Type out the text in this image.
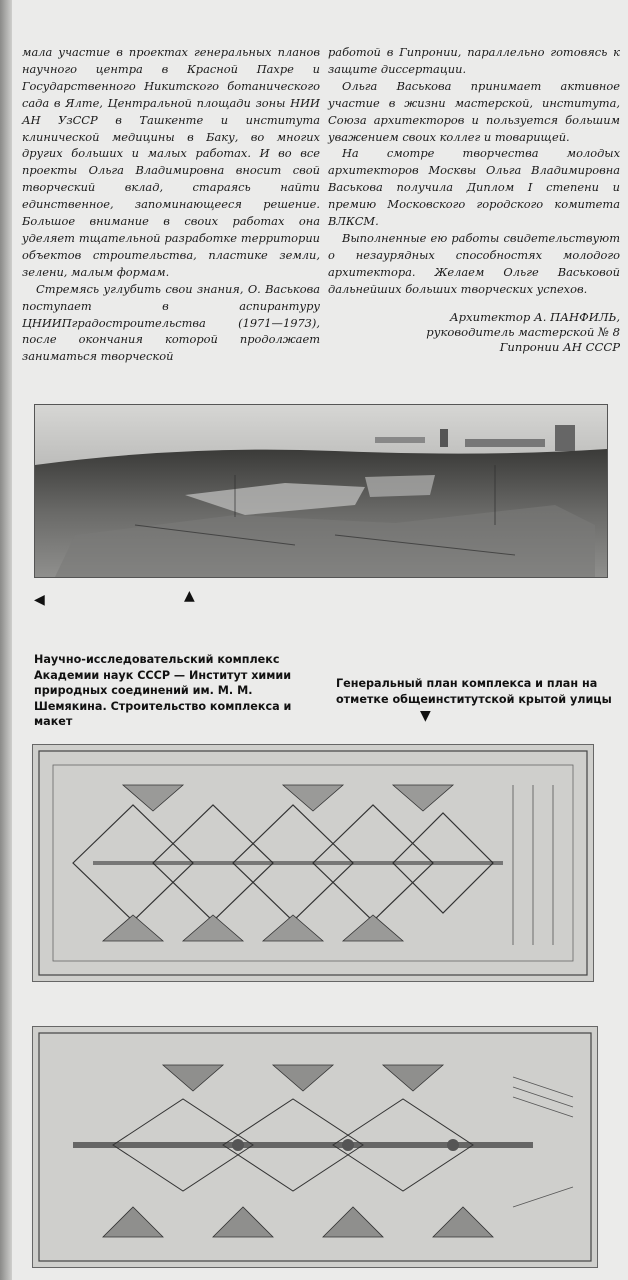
мала участие в проектах генеральных планов научного центра в Красной Пахре и Государственного Никитского ботанического сада в Ялте, Центральной площади зоны НИИ АН УзССР в Ташкенте и института клинической медицины в Баку, во многих других больших и малых работах. И во все проекты Ольга Владимировна вносит свой творческий вклад, стараясь найти единственное, запоминающееся решение. Большое внимание в своих работах она уделяет тщательной разработке территории объектов строительства, пластике земли, зелени, малым формам.

Стремясь углубить свои знания, О. Васькова поступает в аспирантуру ЦНИИПградостроительства (1971—1973), после окончания которой продолжает заниматься творческой

работой в Гипронии, параллельно готовясь к защите диссертации.

Ольга Васькова принимает активное участие в жизни мастерской, института, Союза архитекторов и пользуется большим уважением своих коллег и товарищей.

На смотре творчества молодых архитекторов Москвы Ольга Владимировна Васькова получила Диплом I степени и премию Московского городского комитета ВЛКСМ.

Выполненные ею работы свидетельствуют о незаурядных способностях молодого архитектора. Желаем Ольге Васьковой дальнейших больших творческих успехов.

Архитектор А. ПАНФИЛЬ,
руководитель мастерской № 8
Гипронии АН СССР
◀	▲
Научно-исследовательский комплекс Академии наук СССР — Институт химии природных соединений им. М. М. Шемякина. Строительство комплекса и макет
Генеральный план комплекса и план на отметке общеинститутской крытой улицы
▼
